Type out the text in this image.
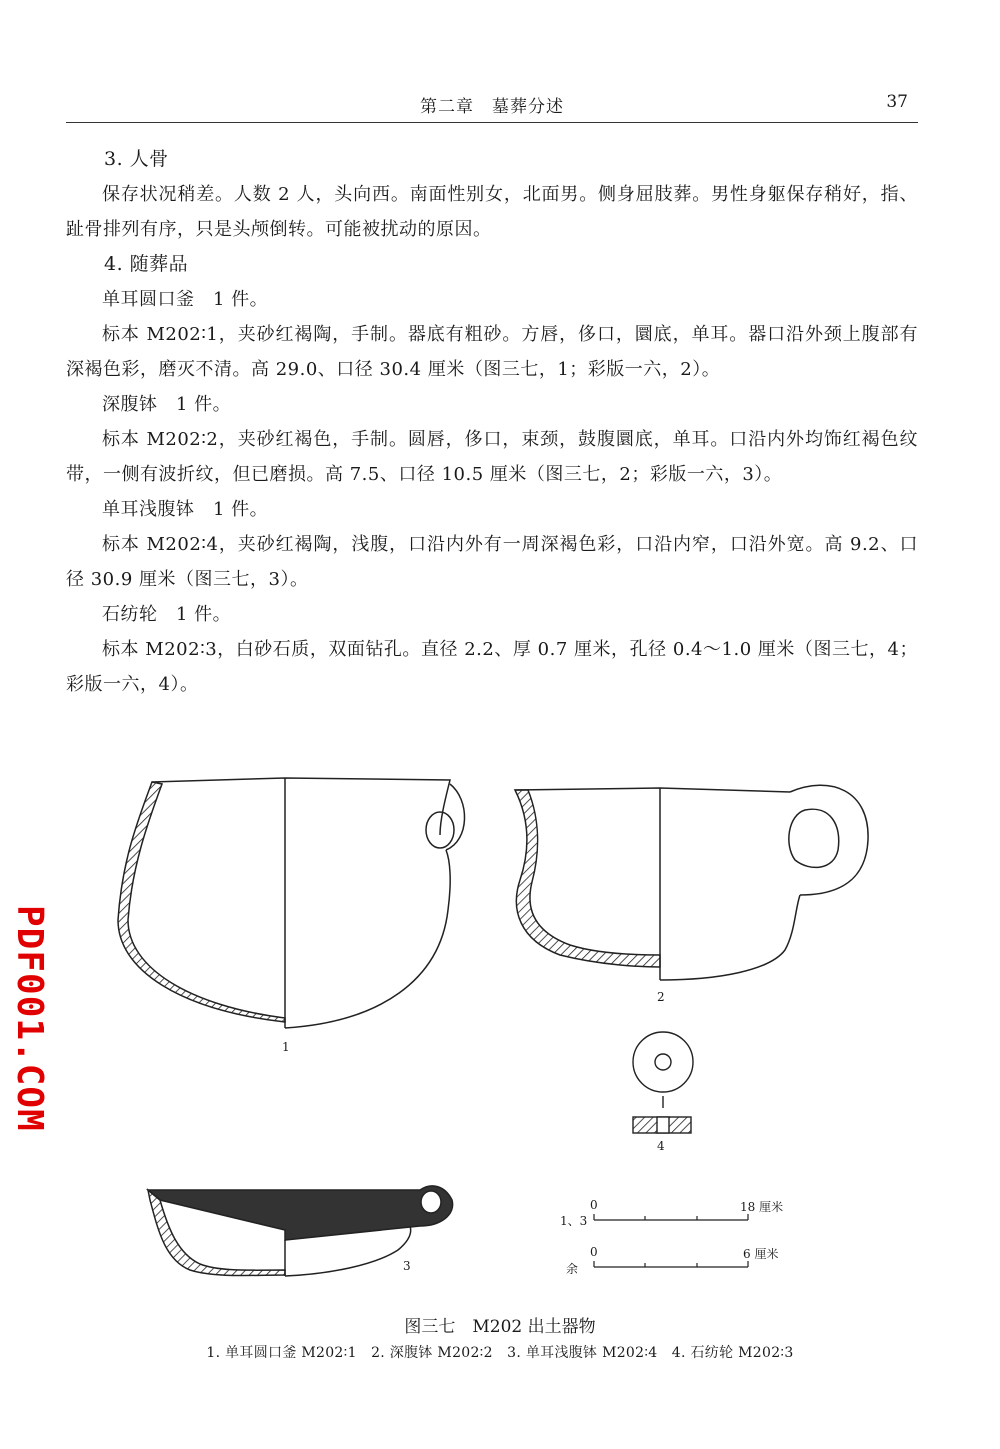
第二章　墓葬分述	37

3. 人骨

保存状况稍差。人数 2 人，头向西。南面性别女，北面男。侧身屈肢葬。男性身躯保存稍好，指、趾骨排列有序，只是头颅倒转。可能被扰动的原因。

4. 随葬品

单耳圆口釜　1 件。

标本 M202∶1，夹砂红褐陶，手制。器底有粗砂。方唇，侈口，圜底，单耳。器口沿外颈上腹部有深褐色彩，磨灭不清。高 29.0、口径 30.4 厘米（图三七，1；彩版一六，2）。

深腹钵　1 件。

标本 M202∶2，夹砂红褐色，手制。圆唇，侈口，束颈，鼓腹圜底，单耳。口沿内外均饰红褐色纹带，一侧有波折纹，但已磨损。高 7.5、口径 10.5 厘米（图三七，2；彩版一六，3）。

单耳浅腹钵　1 件。

标本 M202∶4，夹砂红褐陶，浅腹，口沿内外有一周深褐色彩，口沿内窄，口沿外宽。高 9.2、口径 30.9 厘米（图三七，3）。

石纺轮　1 件。

标本 M202∶3，白砂石质，双面钻孔。直径 2.2、厚 0.7 厘米，孔径 0.4～1.0 厘米（图三七，4；彩版一六，4）。

PDF001.COM	1
2
3
4
1、3
0	18 厘米
余
0	6 厘米
图三七　M202 出土器物
1. 单耳圆口釜 M202∶1　2. 深腹钵 M202∶2　3. 单耳浅腹钵 M202∶4　4. 石纺轮 M202∶3
